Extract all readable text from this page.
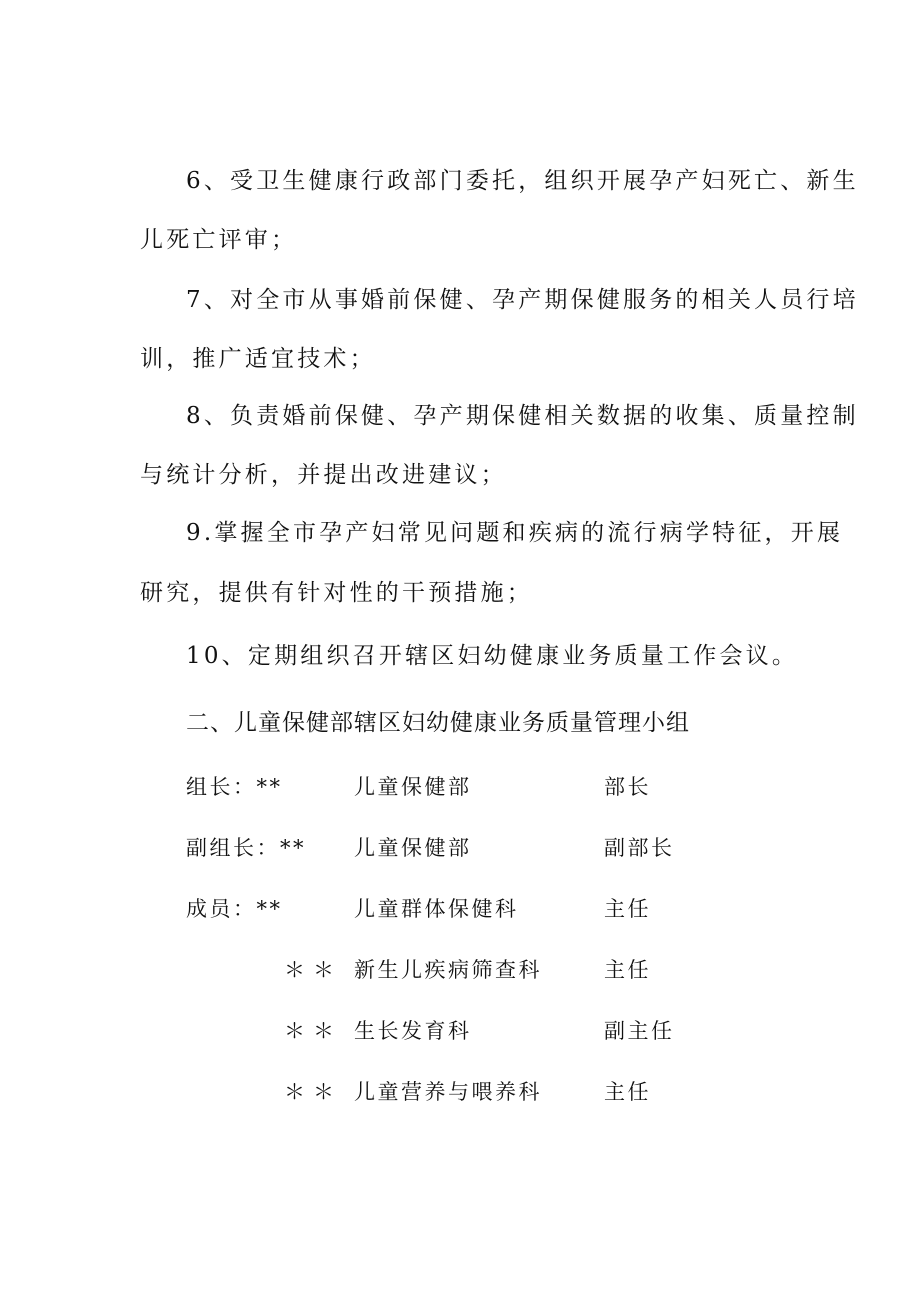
6、受卫生健康行政部门委托，组织开展孕产妇死亡、新生
儿死亡评审；
7、对全市从事婚前保健、孕产期保健服务的相关人员行培
训，推广适宜技术；
8、负责婚前保健、孕产期保健相关数据的收集、质量控制
与统计分析，并提出改进建议；
9.掌握全市孕产妇常见问题和疾病的流行病学特征，开展
研究，提供有针对性的干预措施；
10、定期组织召开辖区妇幼健康业务质量工作会议。
二、儿童保健部辖区妇幼健康业务质量管理小组
组长：**	儿童保健部	部长
副组长：** 儿童保健部	副部长
成员：**	儿童群体保健科	主任
＊＊ 新生儿疾病筛查科	主任
＊＊ 生长发育科	副主任
＊＊ 儿童营养与喂养科	主任
